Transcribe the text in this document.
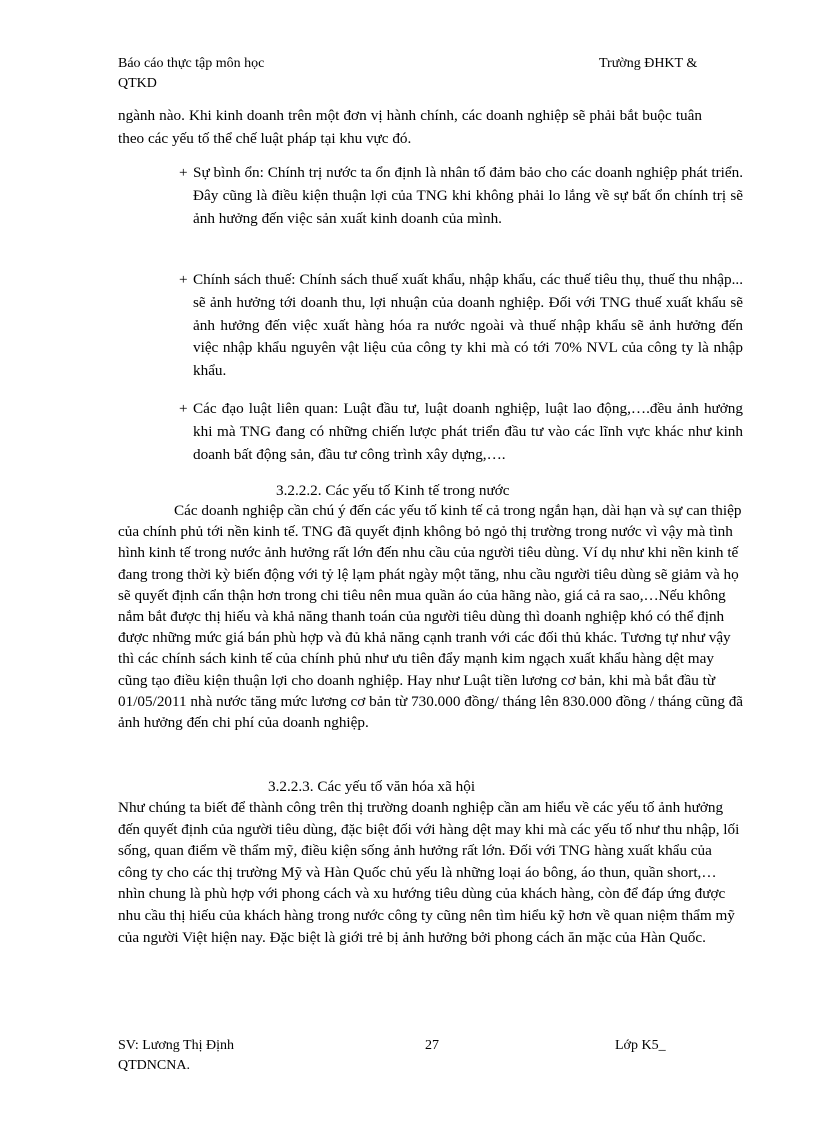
Báo cáo thực tập môn học
QTKD
Trường ĐHKT &

ngành nào. Khi kinh doanh trên một đơn vị hành chính, các doanh nghiệp sẽ phải bắt buộc tuân theo các yếu tố thể chế luật pháp tại khu vực đó.

+ Sự bình ổn: Chính trị nước ta ổn định là nhân tố đảm bảo cho các doanh nghiệp phát triển. Đây cũng là điều kiện thuận lợi của TNG khi không phải lo lắng về sự bất ổn chính trị sẽ ảnh hưởng đến việc sản xuất kinh doanh của mình.
+ Chính sách thuế: Chính sách thuế xuất khẩu, nhập khẩu, các thuế tiêu thụ, thuế thu nhập... sẽ ảnh hưởng tới doanh thu, lợi nhuận của doanh nghiệp. Đối với TNG thuế xuất khẩu sẽ ảnh hưởng đến việc xuất hàng hóa ra nước ngoài và thuế nhập khẩu sẽ ảnh hưởng đến việc nhập khẩu nguyên vật liệu của công ty khi mà có tới 70% NVL của công ty là nhập khẩu.
+ Các đạo luật liên quan: Luật đầu tư, luật doanh nghiệp, luật lao động,….đều ảnh hưởng khi mà TNG đang có những chiến lược phát triển đầu tư vào các lĩnh vực khác như kinh doanh bất động sản, đầu tư công trình xây dựng,….
3.2.2.2. Các yếu tố Kinh tế trong nước

Các doanh nghiệp cần chú ý đến các yếu tố kinh tế cả trong ngắn hạn, dài hạn và sự can thiệp của chính phủ tới nền kinh tế. TNG đã quyết định không bỏ ngỏ thị trường trong nước vì vậy mà tình hình kinh tế trong nước ảnh hưởng rất lớn đến nhu cầu của người tiêu dùng. Ví dụ như khi nền kinh tế đang trong thời kỳ biến động với tỷ lệ lạm phát ngày một tăng, nhu cầu người tiêu dùng sẽ giảm và họ sẽ quyết định cẩn thận hơn trong chi tiêu nên mua quần áo của hãng nào, giá cả ra sao,…Nếu không nắm bắt được thị hiếu và khả năng thanh toán của người tiêu dùng thì doanh nghiệp khó có thể định được những mức giá bán phù hợp và đủ khả năng cạnh tranh với các đối thủ khác. Tương tự như vậy thì các chính sách kinh tế của chính phủ như ưu tiên đẩy mạnh kim ngạch xuất khẩu hàng dệt may cũng tạo điều kiện thuận lợi cho doanh nghiệp. Hay như Luật tiền lương cơ bản, khi mà bắt đầu từ 01/05/2011 nhà nước tăng mức lương cơ bản từ 730.000 đồng/ tháng lên 830.000 đồng / tháng cũng đã ảnh hưởng đến chi phí của doanh nghiệp.

3.2.2.3. Các yếu tố văn hóa xã hội

Như chúng ta biết để thành công trên thị trường doanh nghiệp cần am hiểu về các yếu tố ảnh hưởng đến quyết định của người tiêu dùng, đặc biệt đối với hàng dệt may khi mà các yếu tố như thu nhập, lối sống, quan điểm về thẩm mỹ, điều kiện sống ảnh hưởng rất lớn. Đối với TNG hàng xuất khẩu của công ty cho các thị trường Mỹ và Hàn Quốc chủ yếu là những loại áo bông, áo thun, quần short,… nhìn chung là phù hợp với phong cách và xu hướng tiêu dùng của khách hàng, còn để đáp ứng được nhu cầu thị hiếu của khách hàng trong nước công ty cũng nên tìm hiểu kỹ hơn về quan niệm thẩm mỹ của người Việt hiện nay. Đặc biệt là giới trẻ bị ảnh hưởng bởi phong cách ăn mặc của Hàn Quốc.

SV: Lương Thị Định
QTDNCNA.
27	Lớp K5_
